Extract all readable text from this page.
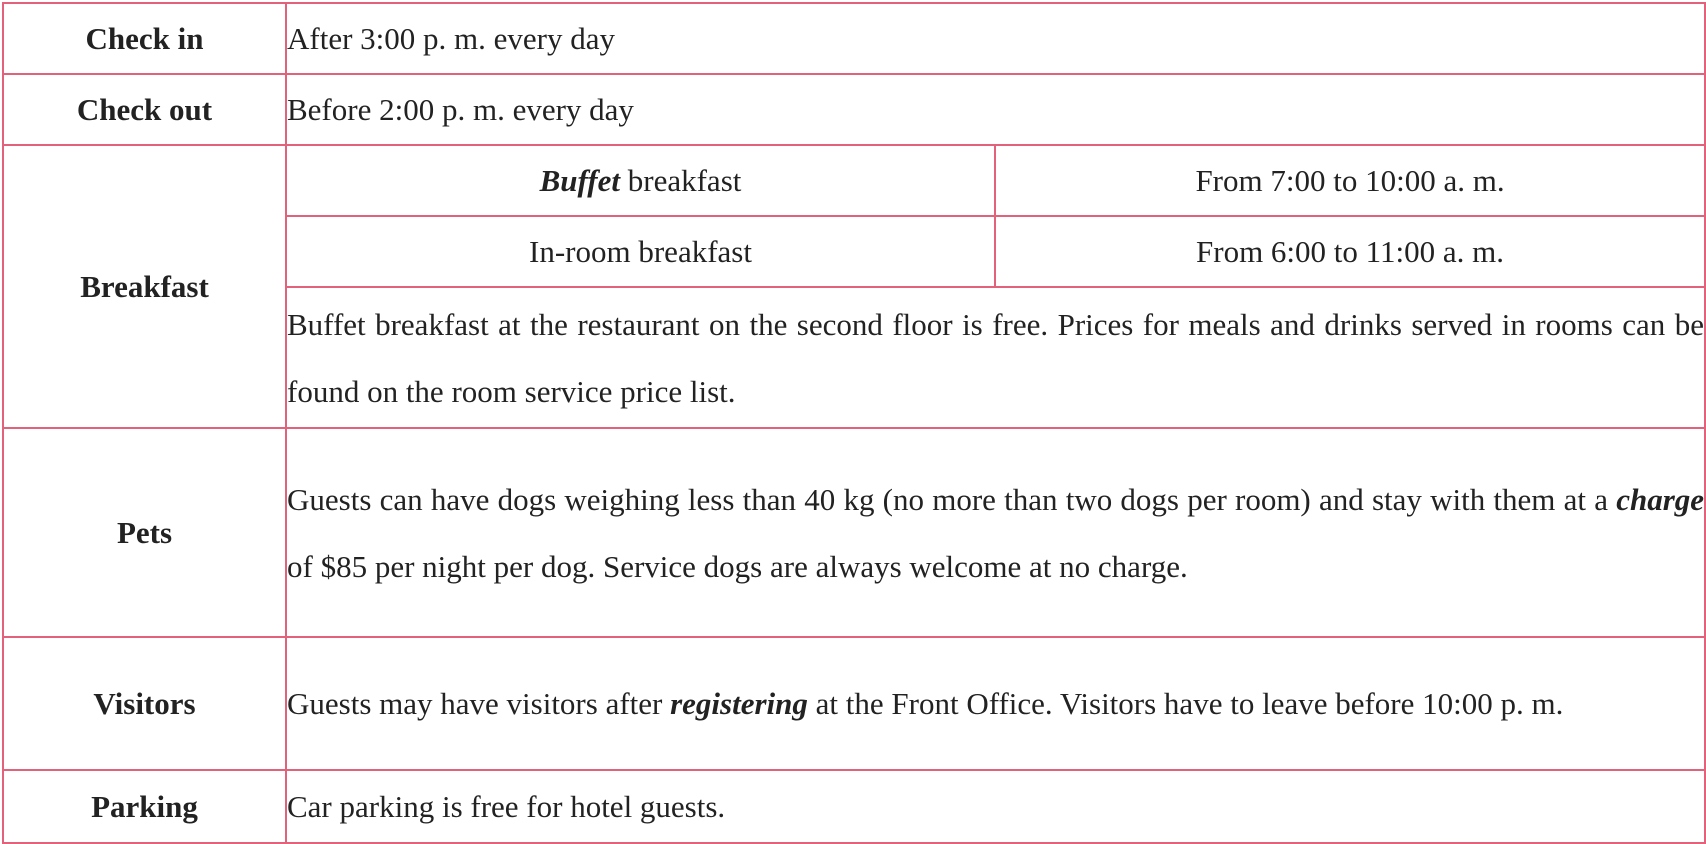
Check in	After 3:00 p. m. every day	
Check out	Before 2:00 p. m. every day	
Breakfast	Buffet breakfast	From 7:00 to 10:00 a. m.
	In-room breakfast	From 6:00 to 11:00 a. m.
	Buffet breakfast at the restaurant on the second floor is free. Prices for meals and drinks served in rooms can be found on the room service price list.	
Pets	Guests can have dogs weighing less than 40 kg (no more than two dogs per room) and stay with them at a charge of $85 per night per dog. Service dogs are always welcome at no charge.	
Visitors	Guests may have visitors after registering at the Front Office. Visitors have to leave before 10:00 p. m.	
Parking	Car parking is free for hotel guests.	
